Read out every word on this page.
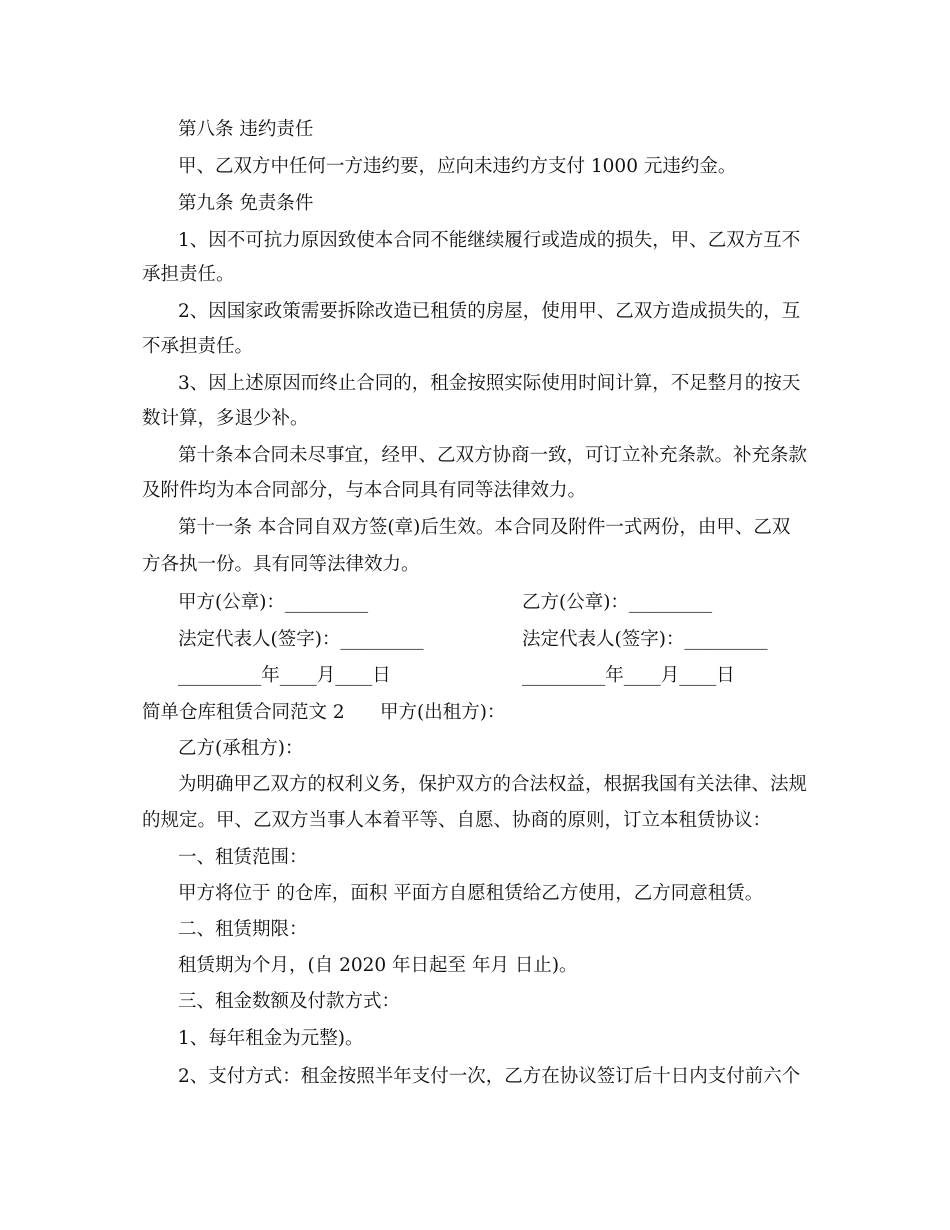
第八条 违约责任
甲、乙双方中任何一方违约要，应向未违约方支付 1000 元违约金。
第九条 免责条件
1、因不可抗力原因致使本合同不能继续履行或造成的损失，甲、乙双方互不
承担责任。
2、因国家政策需要拆除改造已租赁的房屋，使用甲、乙双方造成损失的，互
不承担责任。
3、因上述原因而终止合同的，租金按照实际使用时间计算，不足整月的按天
数计算，多退少补。
第十条本合同未尽事宜，经甲、乙双方协商一致，可订立补充条款。补充条款
及附件均为本合同部分，与本合同具有同等法律效力。
第十一条 本合同自双方签(章)后生效。本合同及附件一式两份，由甲、乙双
方各执一份。具有同等法律效力。
甲方(公章)：_________	乙方(公章)：_________
法定代表人(签字)：_________	法定代表人(签字)：_________
_________年____月____日	_________年____月____日
简单仓库租赁合同范文 2 甲方(出租方)：
乙方(承租方)：
为明确甲乙双方的权利义务，保护双方的合法权益，根据我国有关法律、法规
的规定。甲、乙双方当事人本着平等、自愿、协商的原则，订立本租赁协议：
一、租赁范围：
甲方将位于 的仓库，面积 平面方自愿租赁给乙方使用，乙方同意租赁。
二、租赁期限：
租赁期为个月，(自 2020 年日起至 年月 日止)。
三、租金数额及付款方式：
1、每年租金为元整)。
2、支付方式：租金按照半年支付一次，乙方在协议签订后十日内支付前六个
